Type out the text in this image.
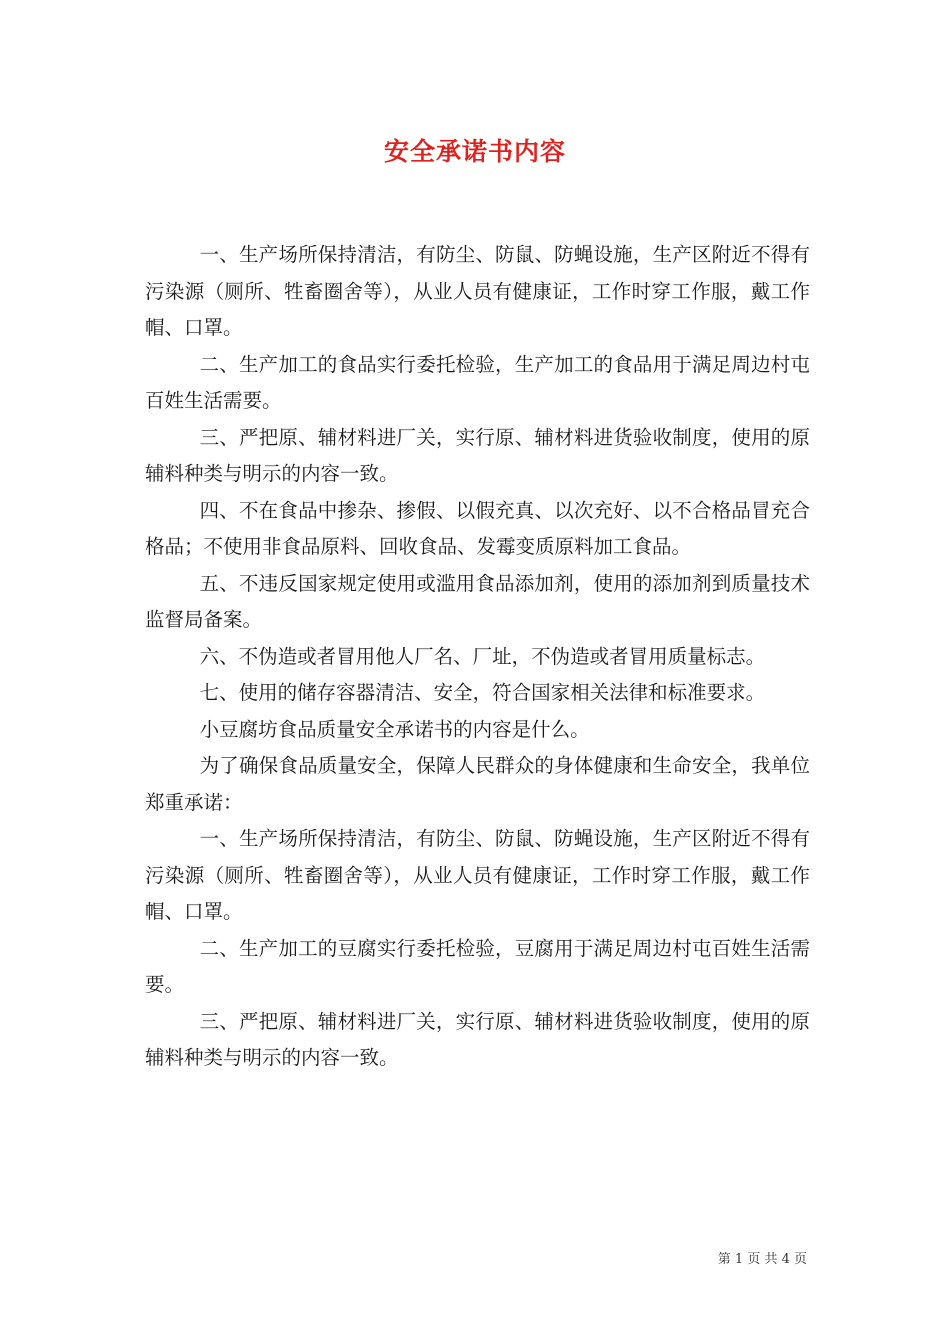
安全承诺书内容

一、生产场所保持清洁，有防尘、防鼠、防蝇设施，生产区附近不得有污染源（厕所、牲畜圈舍等），从业人员有健康证，工作时穿工作服，戴工作帽、口罩。

二、生产加工的食品实行委托检验，生产加工的食品用于满足周边村屯百姓生活需要。

三、严把原、辅材料进厂关，实行原、辅材料进货验收制度，使用的原辅料种类与明示的内容一致。

四、不在食品中掺杂、掺假、以假充真、以次充好、以不合格品冒充合格品；不使用非食品原料、回收食品、发霉变质原料加工食品。

五、不违反国家规定使用或滥用食品添加剂，使用的添加剂到质量技术监督局备案。

六、不伪造或者冒用他人厂名、厂址，不伪造或者冒用质量标志。

七、使用的储存容器清洁、安全，符合国家相关法律和标准要求。

小豆腐坊食品质量安全承诺书的内容是什么。

为了确保食品质量安全，保障人民群众的身体健康和生命安全，我单位郑重承诺：

一、生产场所保持清洁，有防尘、防鼠、防蝇设施，生产区附近不得有污染源（厕所、牲畜圈舍等），从业人员有健康证，工作时穿工作服，戴工作帽、口罩。

二、生产加工的豆腐实行委托检验，豆腐用于满足周边村屯百姓生活需要。

三、严把原、辅材料进厂关，实行原、辅材料进货验收制度，使用的原辅料种类与明示的内容一致。

第 1 页 共 4 页
